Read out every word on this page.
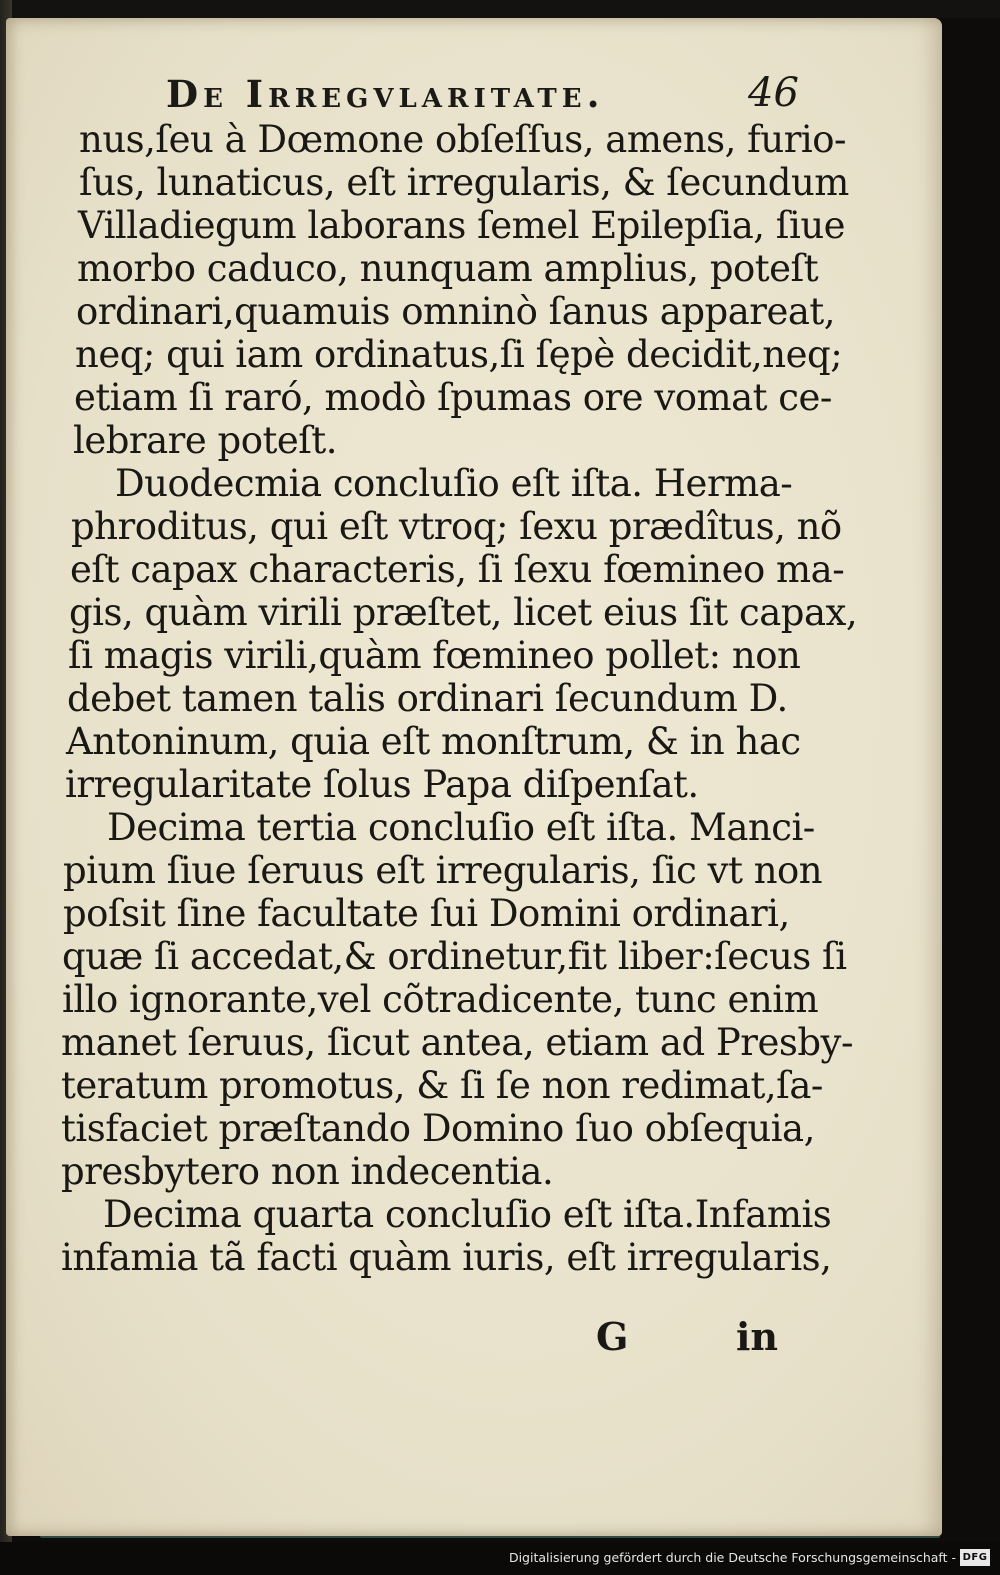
De Irregvlaritate.	46
nus,ſeu à Dœmone obſeſſus, amens, furio-
ſus, lunaticus, eſt irregularis, & ſecundum
Villadiegum laborans ſemel Epilepſia, ſiue
morbo caduco, nunquam amplius, poteſt
ordinari,quamuis omninò ſanus appareat,
neq; qui iam ordinatus,ſi ſępè decidit,neq;
etiam ſi raró, modò ſpumas ore vomat ce-
lebrare poteſt.
Duodecmia concluſio eſt iſta. Herma-
phroditus, qui eſt vtroq; ſexu prædîtus, nõ
eſt capax characteris, ſi ſexu fœmineo ma-
gis, quàm virili præſtet, licet eius ſit capax,
ſi magis virili,quàm fœmineo pollet: non
debet tamen talis ordinari ſecundum D.
Antoninum, quia eſt monſtrum, & in hac
irregularitate ſolus Papa diſpenſat.
Decima tertia concluſio eſt iſta. Manci-
pium ſiue ſeruus eſt irregularis, ſic vt non
poſsit ſine facultate ſui Domini ordinari,
quæ ſi accedat,& ordinetur,fit liber:ſecus ſi
illo ignorante,vel cõtradicente, tunc enim
manet ſeruus, ſicut antea, etiam ad Presby-
teratum promotus, & ſi ſe non redimat,ſa-
tisfaciet præſtando Domino ſuo obſequia,
presbytero non indecentia.
Decima quarta concluſio eſt iſta.Infamis
infamia tã facti quàm iuris, eſt irregularis,
G	in
Digitalisierung gefördert durch die Deutsche Forschungsgemeinschaft - DFG
